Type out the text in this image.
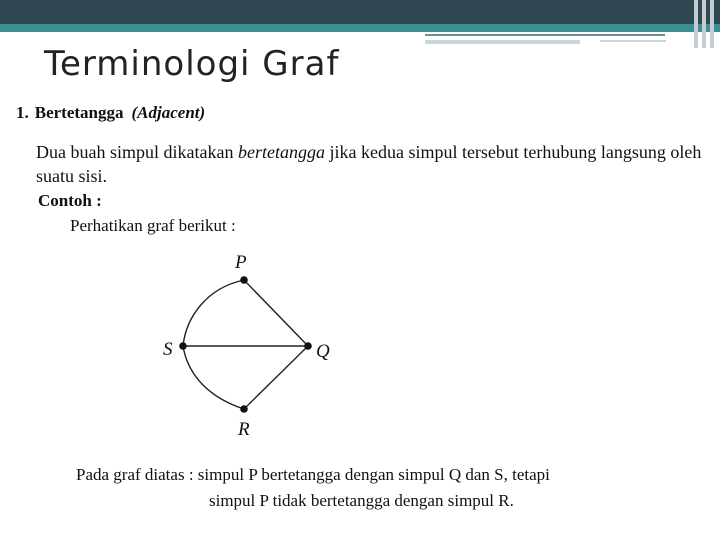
Terminologi Graf
1. Bertetangga (Adjacent)
Dua buah simpul dikatakan bertetangga jika kedua simpul tersebut terhubung langsung oleh suatu sisi.
Contoh :
Perhatikan graf berikut :
P
Q
R
S
Pada graf diatas : simpul P bertetangga dengan simpul Q dan S, tetapi
simpul P tidak bertetangga dengan simpul R.
